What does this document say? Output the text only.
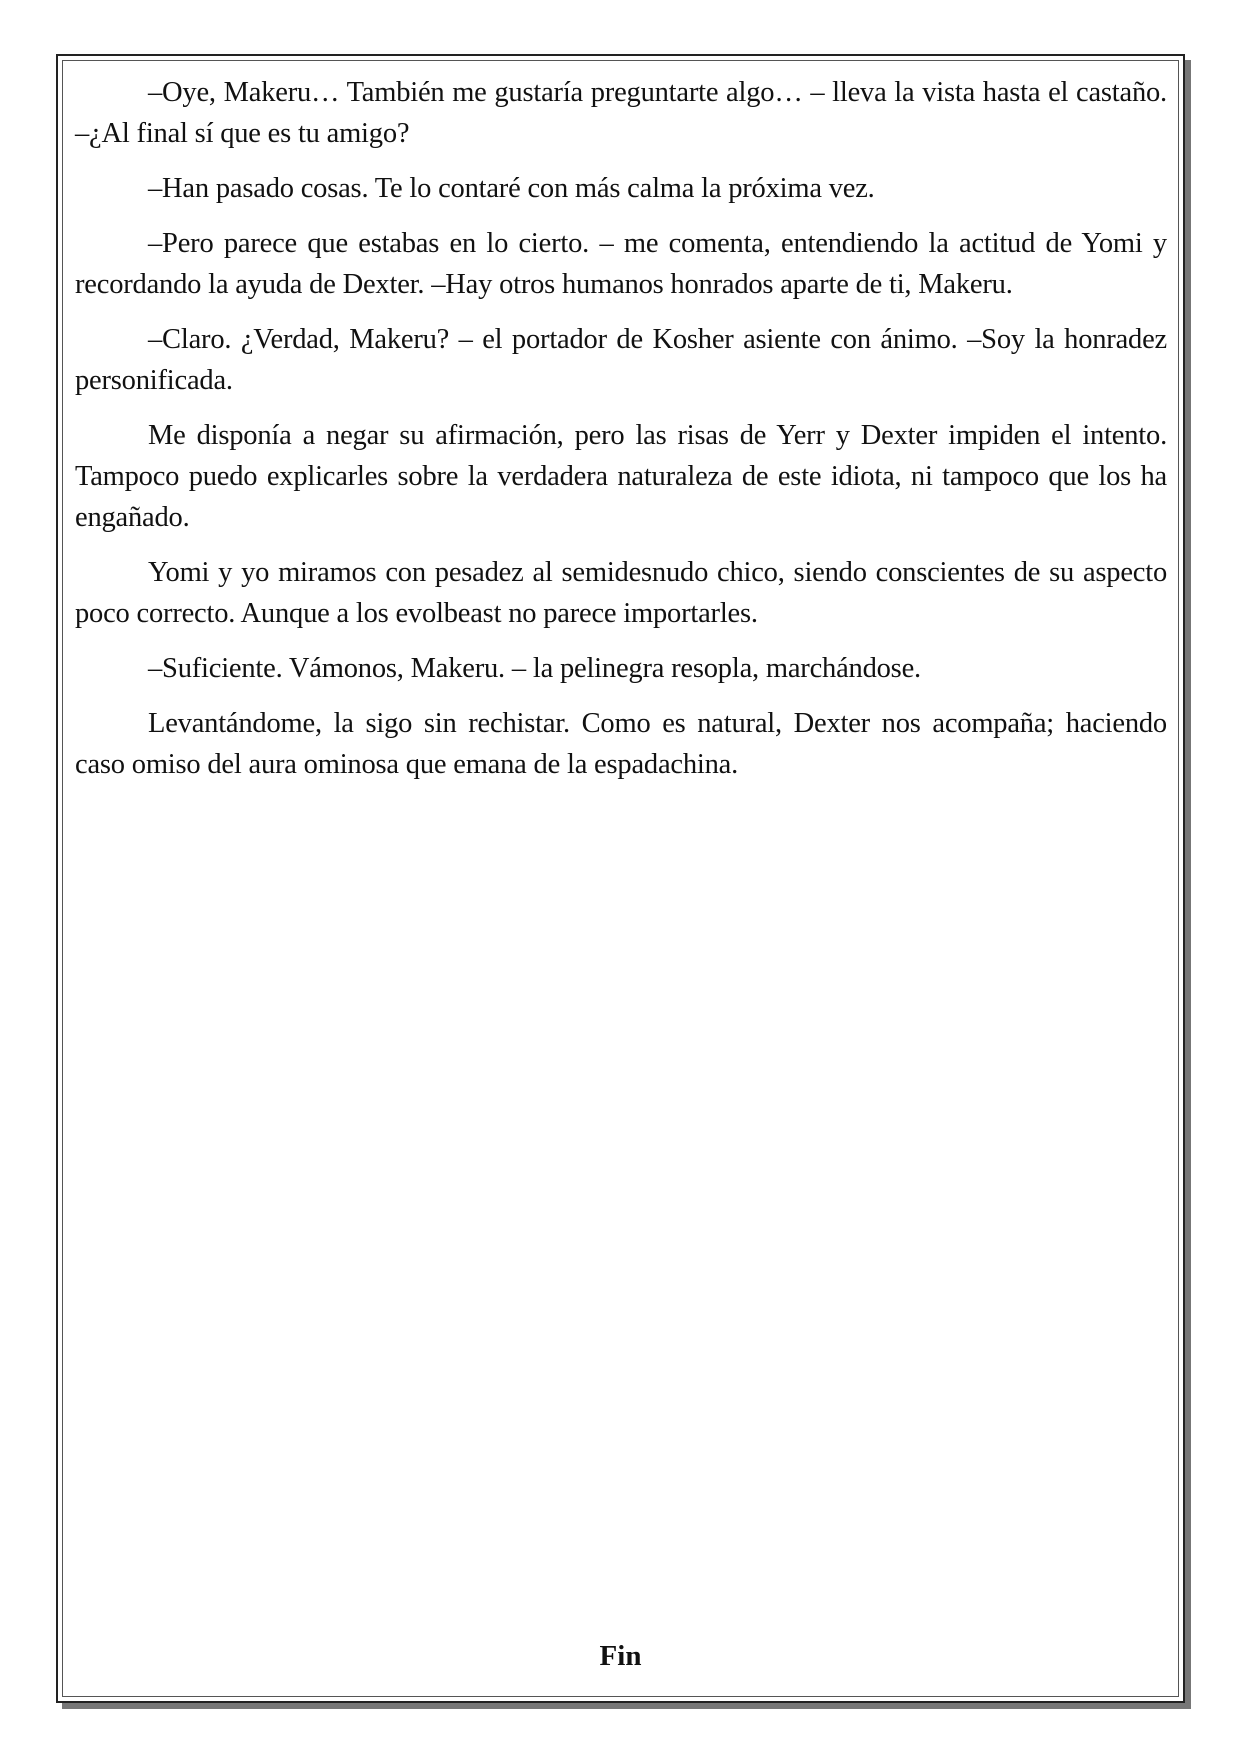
–Oye, Makeru… También me gustaría preguntarte algo… – lleva la vista hasta el castaño. –¿Al final sí que es tu amigo?

–Han pasado cosas. Te lo contaré con más calma la próxima vez.

–Pero parece que estabas en lo cierto. – me comenta, entendiendo la actitud de Yomi y recordando la ayuda de Dexter. –Hay otros humanos honrados aparte de ti, Makeru.

–Claro. ¿Verdad, Makeru? – el portador de Kosher asiente con ánimo. –Soy la honradez personificada.

Me disponía a negar su afirmación, pero las risas de Yerr y Dexter impiden el intento. Tampoco puedo explicarles sobre la verdadera naturaleza de este idiota, ni tampoco que los ha engañado.

Yomi y yo miramos con pesadez al semidesnudo chico, siendo conscientes de su aspecto poco correcto. Aunque a los evolbeast no parece importarles.

–Suficiente. Vámonos, Makeru. – la pelinegra resopla, marchándose.

Levantándome, la sigo sin rechistar. Como es natural, Dexter nos acompaña; haciendo caso omiso del aura ominosa que emana de la espadachina.

Fin
